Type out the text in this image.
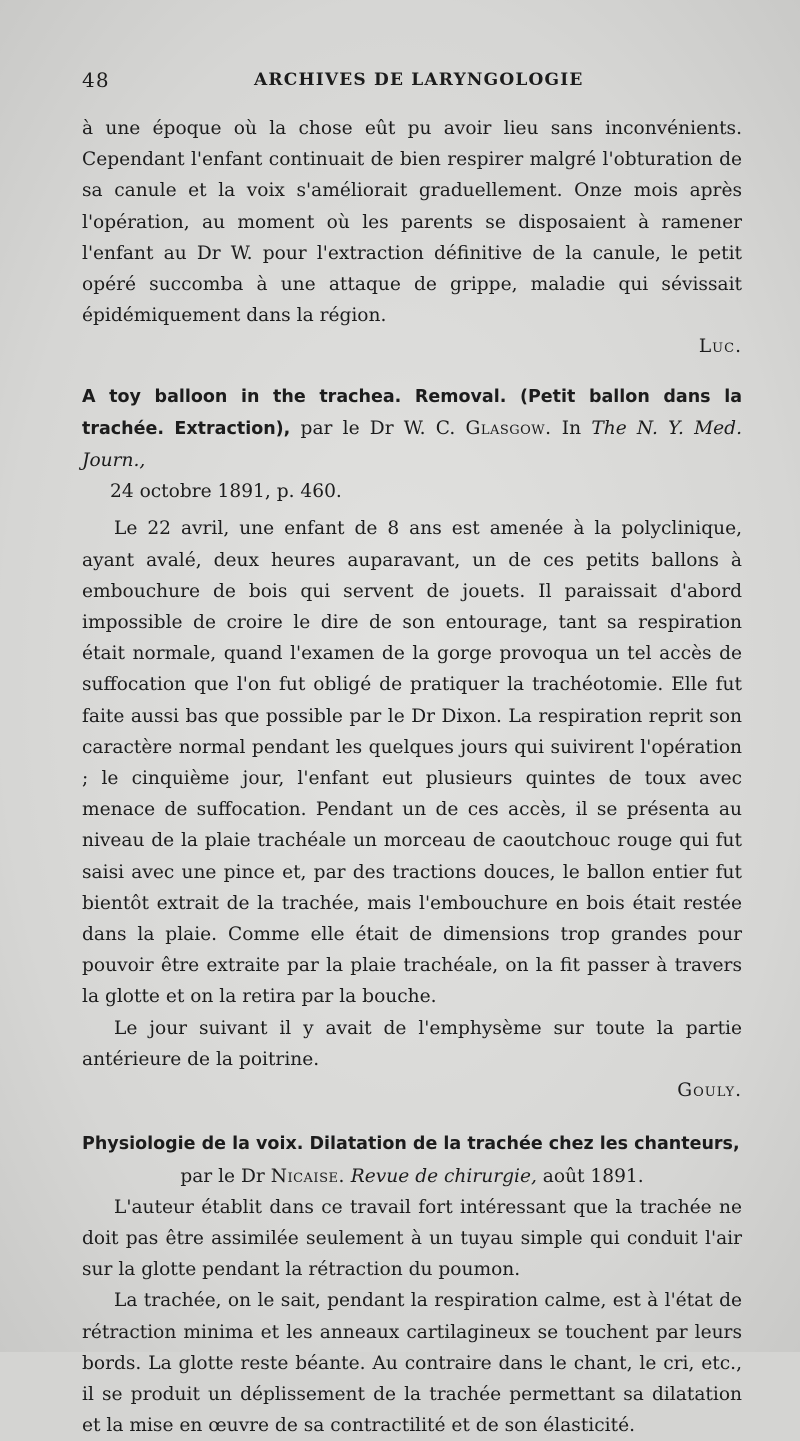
48	ARCHIVES DE LARYNGOLOGIE

à une époque où la chose eût pu avoir lieu sans inconvénients. Cependant l'enfant continuait de bien respirer malgré l'obturation de sa canule et la voix s'améliorait graduellement. Onze mois après l'opération, au moment où les parents se disposaient à ramener l'enfant au Dr W. pour l'extraction définitive de la canule, le petit opéré succomba à une attaque de grippe, maladie qui sévissait épidémiquement dans la région.

Luc.

A toy balloon in the trachea. Removal. (Petit ballon dans la trachée. Extraction), par le Dr W. C. Glasgow. In The N. Y. Med. Journ.,
24 octobre 1891, p. 460.

Le 22 avril, une enfant de 8 ans est amenée à la polyclinique, ayant avalé, deux heures auparavant, un de ces petits ballons à embouchure de bois qui servent de jouets. Il paraissait d'abord impossible de croire le dire de son entourage, tant sa respiration était normale, quand l'examen de la gorge provoqua un tel accès de suffocation que l'on fut obligé de pratiquer la trachéotomie. Elle fut faite aussi bas que possible par le Dr Dixon. La respiration reprit son caractère normal pendant les quelques jours qui suivirent l'opération ; le cinquième jour, l'enfant eut plusieurs quintes de toux avec menace de suffocation. Pendant un de ces accès, il se présenta au niveau de la plaie trachéale un morceau de caoutchouc rouge qui fut saisi avec une pince et, par des tractions douces, le ballon entier fut bientôt extrait de la trachée, mais l'embouchure en bois était restée dans la plaie. Comme elle était de dimensions trop grandes pour pouvoir être extraite par la plaie trachéale, on la fit passer à travers la glotte et on la retira par la bouche.

Le jour suivant il y avait de l'emphysème sur toute la partie antérieure de la poitrine.

Gouly.

Physiologie de la voix. Dilatation de la trachée chez les chanteurs,

par le Dr Nicaise. Revue de chirurgie, août 1891.

L'auteur établit dans ce travail fort intéressant que la trachée ne doit pas être assimilée seulement à un tuyau simple qui conduit l'air sur la glotte pendant la rétraction du poumon.

La trachée, on le sait, pendant la respiration calme, est à l'état de rétraction minima et les anneaux cartilagineux se touchent par leurs bords. La glotte reste béante. Au contraire dans le chant, le cri, etc., il se produit un déplissement de la trachée permettant sa dilatation et la mise en œuvre de sa contractilité et de son élasticité.
